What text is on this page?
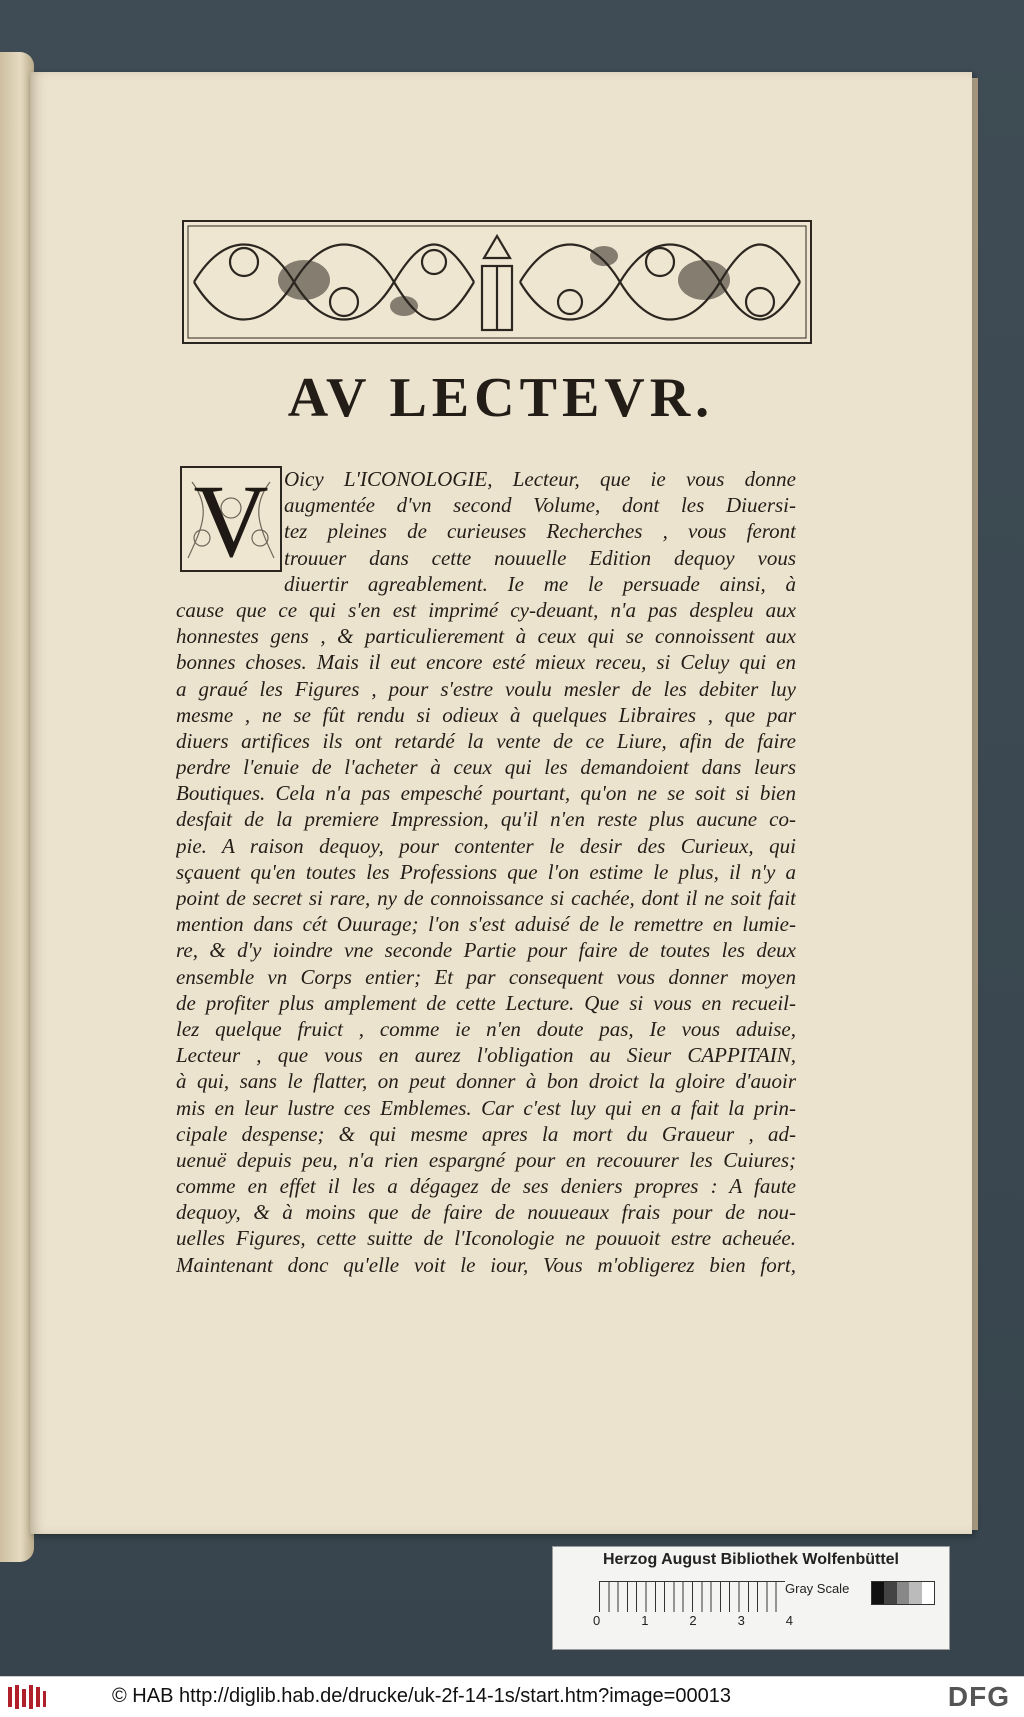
AV LECTEVR.
V Oicy L'ICONOLOGIE, Lecteur, que ie vous donne
augmentée d'vn second Volume, dont les Diuersi-
tez pleines de curieuses Recherches , vous feront
trouuer dans cette nouuelle Edition dequoy vous
diuertir agreablement. Ie me le persuade ainsi, à
cause que ce qui s'en est imprimé cy-deuant, n'a pas despleu aux
honnestes gens , & particulierement à ceux qui se connoissent aux
bonnes choses. Mais il eut encore esté mieux receu, si Celuy qui en
a graué les Figures , pour s'estre voulu mesler de les debiter luy
mesme , ne se fût rendu si odieux à quelques Libraires , que par
diuers artifices ils ont retardé la vente de ce Liure, afin de faire
perdre l'enuie de l'acheter à ceux qui les demandoient dans leurs
Boutiques. Cela n'a pas empesché pourtant, qu'on ne se soit si bien
desfait de la premiere Impression, qu'il n'en reste plus aucune co-
pie. A raison dequoy, pour contenter le desir des Curieux, qui
sçauent qu'en toutes les Professions que l'on estime le plus, il n'y a
point de secret si rare, ny de connoissance si cachée, dont il ne soit fait
mention dans cét Ouurage; l'on s'est aduisé de le remettre en lumie-
re, & d'y ioindre vne seconde Partie pour faire de toutes les deux
ensemble vn Corps entier; Et par consequent vous donner moyen
de profiter plus amplement de cette Lecture. Que si vous en recueil-
lez quelque fruict , comme ie n'en doute pas, Ie vous aduise,
Lecteur , que vous en aurez l'obligation au Sieur CAPPITAIN,
à qui, sans le flatter, on peut donner à bon droict la gloire d'auoir
mis en leur lustre ces Emblemes. Car c'est luy qui en a fait la prin-
cipale despense; & qui mesme apres la mort du Graueur , ad-
uenuë depuis peu, n'a rien espargné pour en recouurer les Cuiures;
comme en effet il les a dégagez de ses deniers propres : A faute
dequoy, & à moins que de faire de nouueaux frais pour de nou-
uelles Figures, cette suitte de l'Iconologie ne pouuoit estre acheuée.
Maintenant donc qu'elle voit le iour, Vous m'obligerez bien fort,
Herzog August Bibliothek Wolfenbüttel
0	1	2	3	4
Gray Scale
© HAB http://diglib.hab.de/drucke/uk-2f-14-1s/start.htm?image=00013	DFG
